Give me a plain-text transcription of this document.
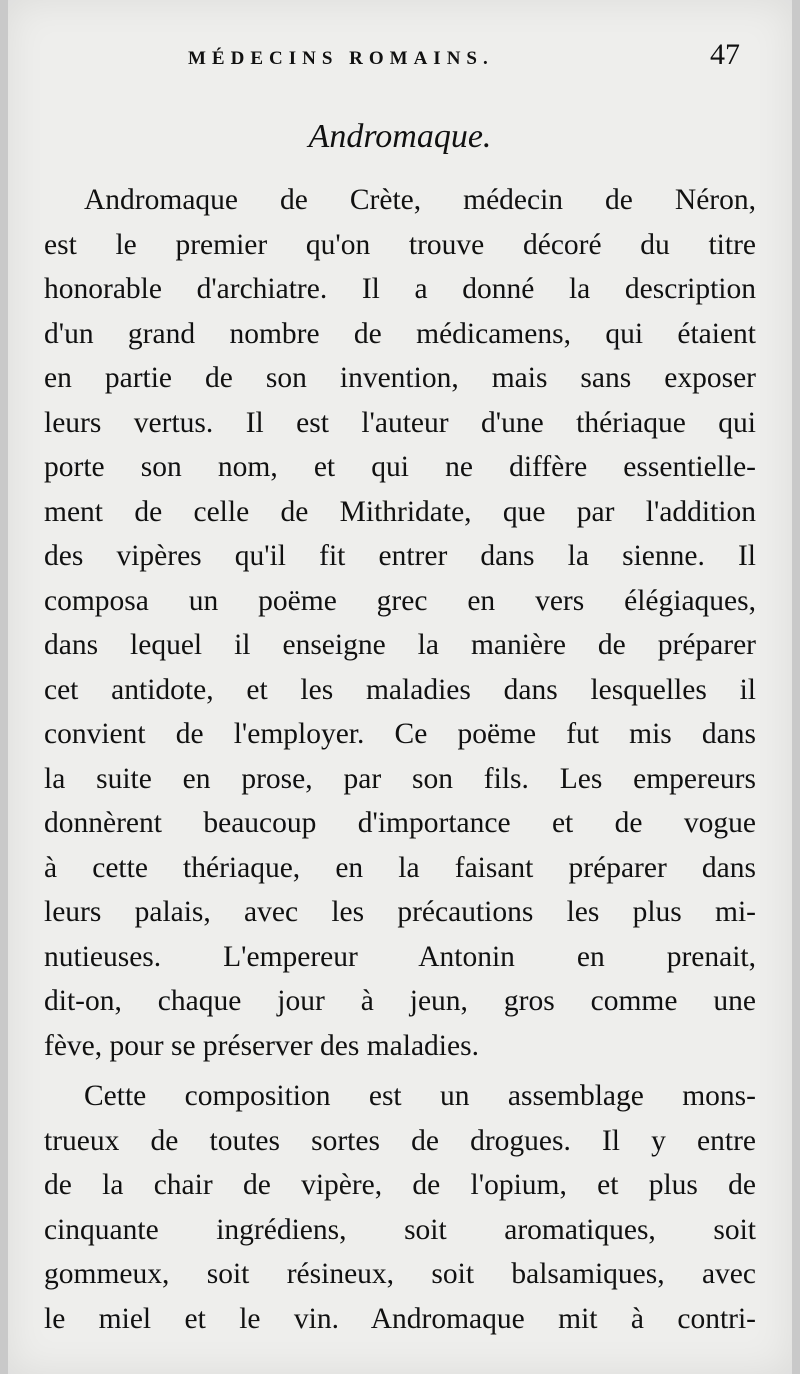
MÉDECINS ROMAINS.	47
Andromaque.
Andromaque de Crète, médecin de Néron,
est le premier qu'on trouve décoré du titre
honorable d'archiatre. Il a donné la description
d'un grand nombre de médicamens, qui étaient
en partie de son invention, mais sans exposer
leurs vertus. Il est l'auteur d'une thériaque qui
porte son nom, et qui ne diffère essentielle-
ment de celle de Mithridate, que par l'addition
des vipères qu'il fit entrer dans la sienne. Il
composa un poëme grec en vers élégiaques,
dans lequel il enseigne la manière de préparer
cet antidote, et les maladies dans lesquelles il
convient de l'employer. Ce poëme fut mis dans
la suite en prose, par son fils. Les empereurs
donnèrent beaucoup d'importance et de vogue
à cette thériaque, en la faisant préparer dans
leurs palais, avec les précautions les plus mi-
nutieuses. L'empereur Antonin en prenait,
dit-on, chaque jour à jeun, gros comme une
fève, pour se préserver des maladies.
Cette composition est un assemblage mons-
trueux de toutes sortes de drogues. Il y entre
de la chair de vipère, de l'opium, et plus de
cinquante ingrédiens, soit aromatiques, soit
gommeux, soit résineux, soit balsamiques, avec
le miel et le vin. Andromaque mit à contri-
